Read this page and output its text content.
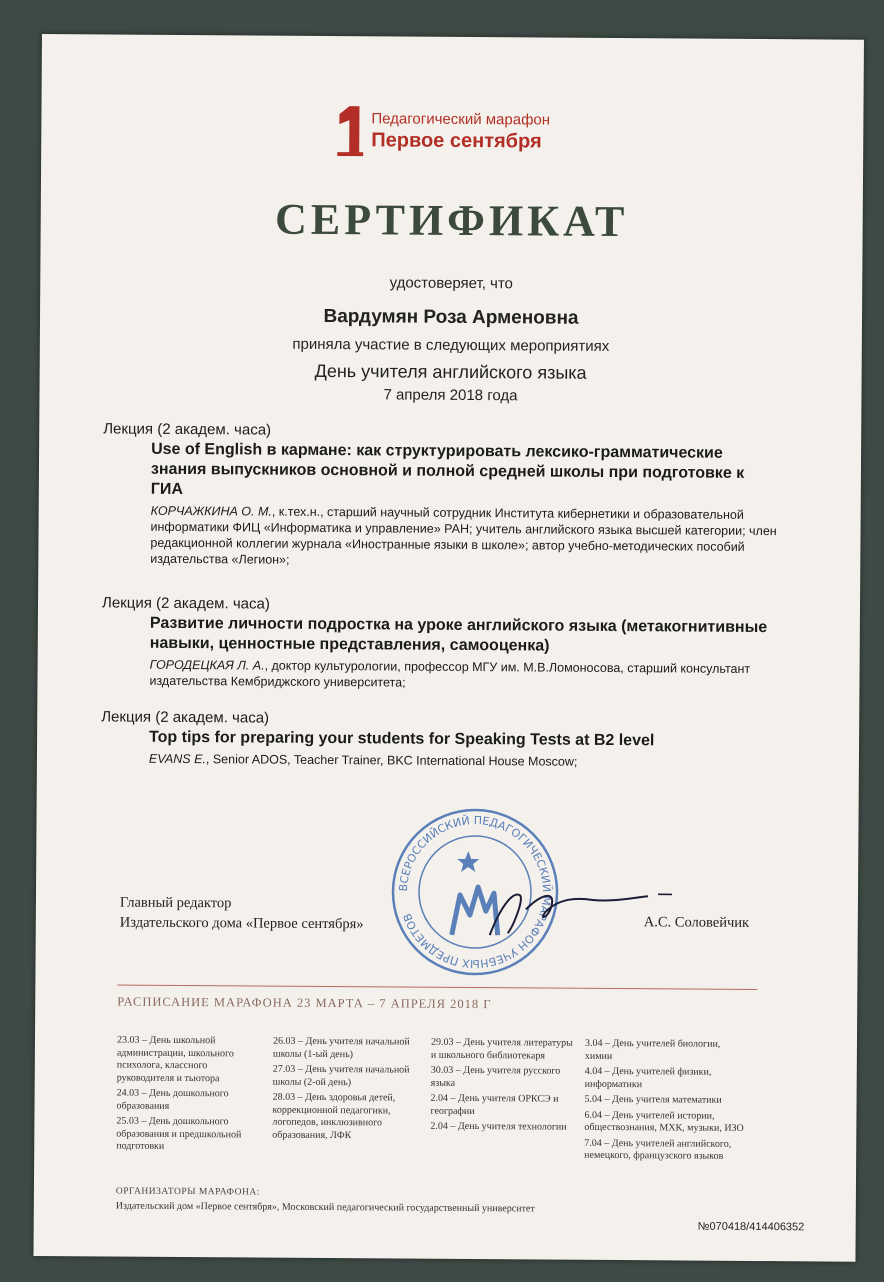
Педагогический марафон
Первое сентября
СЕРТИФИКАТ
удостоверяет, что
Вардумян Роза Арменовна
приняла участие в следующих мероприятиях
День учителя английского языка
7 апреля 2018 года
Лекция (2 академ. часа)
Use of English в кармане: как структурировать лексико-грамматические
знания выпускников основной и полной средней школы при подготовке к
ГИА
КОРЧАЖКИНА О. М., к.тех.н., старший научный сотрудник Института кибернетики и образовательной
информатики ФИЦ «Информатика и управление» РАН; учитель английского языка высшей категории; член
редакционной коллегии журнала «Иностранные языки в школе»; автор учебно-методических пособий
издательства «Легион»;
Лекция (2 академ. часа)
Развитие личности подростка на уроке английского языка (метакогнитивные
навыки, ценностные представления, самооценка)
ГОРОДЕЦКАЯ Л. А., доктор культурологии, профессор МГУ им. М.В.Ломоносова, старший консультант
издательства Кембриджского университета;
Лекция (2 академ. часа)
Top tips for preparing your students for Speaking Tests at B2 level
EVANS E., Senior ADOS, Teacher Trainer, BKC International House Moscow;
ВСЕРОССИЙСКИЙ ПЕДАГОГИЧЕСКИЙ МАРАФОН УЧЕБНЫХ ПРЕДМЕТОВ
Главный редактор
Издательского дома «Первое сентября»	А.С. Соловейчик
РАСПИСАНИЕ МАРАФОНА 23 МАРТА – 7 АПРЕЛЯ 2018 Г
23.03 – День школьной администрации, школьного психолога, классного руководителя и тьютора
24.03 – День дошкольного образования
25.03 – День дошкольного образования и предшкольной подготовки
26.03 – День учителя начальной школы (1-ый день)
27.03 – День учителя начальной школы (2-ой день)
28.03 – День здоровья детей, коррекционной педагогики, логопедов, инклюзивного образования, ЛФК
29.03 – День учителя литературы и школьного библиотекаря
30.03 – День учителя русского языка
2.04 – День учителя ОРКСЭ и географии
2.04 – День учителя технологии
3.04 – День учителей биологии, химии
4.04 – День учителей физики, информатики
5.04 – День учителя математики
6.04 – День учителей истории, обществознания, МХК, музыки, ИЗО
7.04 – День учителей английского, немецкого, французского языков
ОРГАНИЗАТОРЫ МАРАФОНА:
Издательский дом «Первое сентября», Московский педагогический государственный университет
№070418/414406352
